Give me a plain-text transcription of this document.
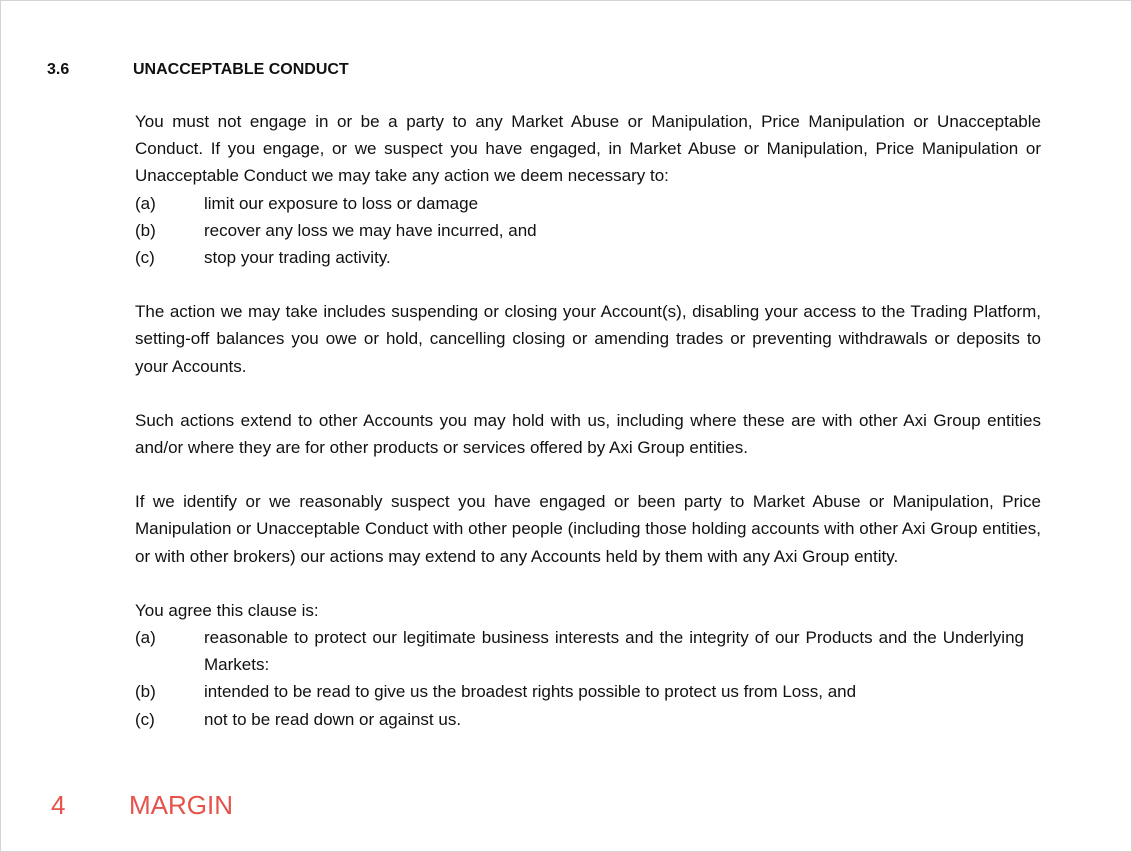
3.6	UNACCEPTABLE CONDUCT

You must not engage in or be a party to any Market Abuse or Manipulation, Price Manipulation or Unacceptable Conduct. If you engage, or we suspect you have engaged, in Market Abuse or Manipulation, Price Manipulation or Unacceptable Conduct we may take any action we deem necessary to:

(a)	limit our exposure to loss or damage
(b)	recover any loss we may have incurred, and
(c)	stop your trading activity.

The action we may take includes suspending or closing your Account(s), disabling your access to the Trading Platform, setting-off balances you owe or hold, cancelling closing or amending trades or preventing withdrawals or deposits to your Accounts.

Such actions extend to other Accounts you may hold with us, including where these are with other Axi Group entities and/or where they are for other products or services offered by Axi Group entities.

If we identify or we reasonably suspect you have engaged or been party to Market Abuse or Manipulation, Price Manipulation or Unacceptable Conduct with other people (including those holding accounts with other Axi Group entities, or with other brokers) our actions may extend to any Accounts held by them with any Axi Group entity.

You agree this clause is:

(a)	reasonable to protect our legitimate business interests and the integrity of our Products and the Underlying Markets:
(b)	intended to be read to give us the broadest rights possible to protect us from Loss, and
(c)	not to be read down or against us.
4 MARGIN
